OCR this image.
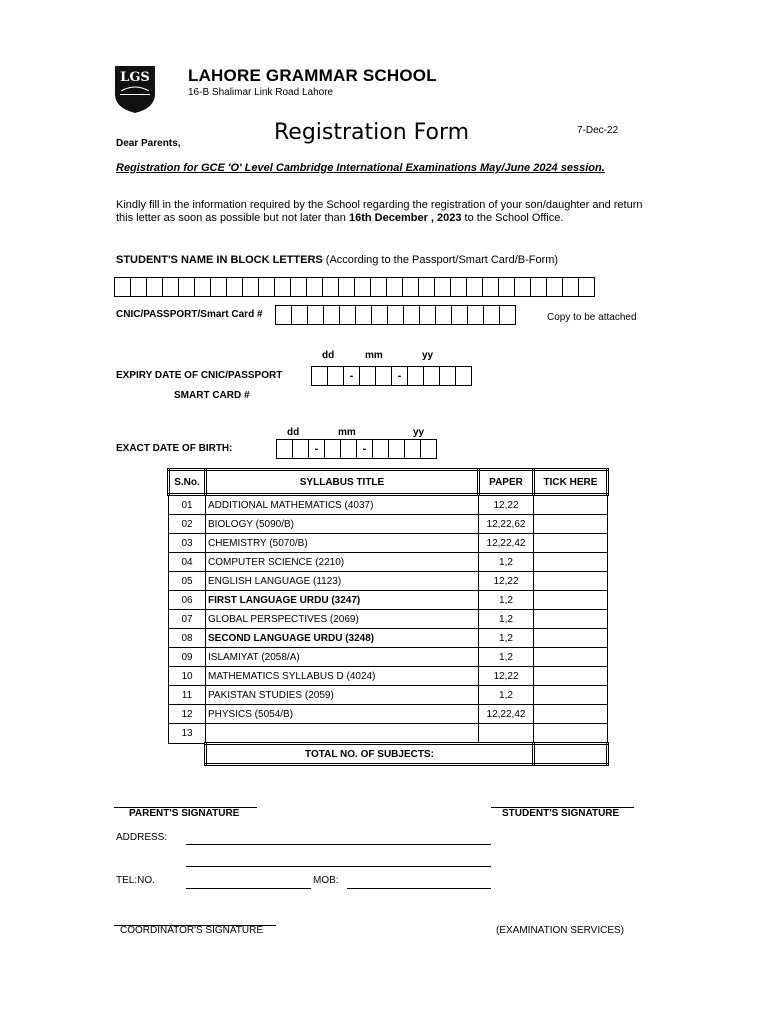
LGS LAHORE GRAMMAR SCHOOL
16-B Shalimar Link Road Lahore
Dear Parents,	Registration Form	7-Dec-22
Registration for GCE 'O' Level Cambridge International Examinations May/June 2024 session.
Kindly fill in the information required by the School regarding the registration of your son/daughter and return this letter as soon as possible but not later than 16th December , 2023 to the School Office.
STUDENT'S NAME IN BLOCK LETTERS (According to the Passport/Smart Card/B-Form)
CNIC/PASSPORT/Smart Card #	Copy to be attached
dd	mm	yy
EXPIRY DATE OF CNIC/PASSPORT
SMART CARD #
-	-
dd	mm	yy
EXACT DATE OF BIRTH:	-	-
S.No.	SYLLABUS TITLE	PAPER	TICK HERE
01	ADDITIONAL MATHEMATICS (4037)	12,22	
02	BIOLOGY (5090/B)	12,22,62	
03	CHEMISTRY (5070/B)	12,22,42	
04	COMPUTER SCIENCE (2210)	1,2	
05	ENGLISH LANGUAGE (1123)	12,22	
06	FIRST LANGUAGE URDU (3247)	1,2	
07	GLOBAL PERSPECTIVES (2069)	1,2	
08	SECOND LANGUAGE URDU (3248)	1,2	
09	ISLAMIYAT (2058/A)	1,2	
10	MATHEMATICS SYLLABUS D (4024)	12,22	
11	PAKISTAN STUDIES (2059)	1,2	
12	PHYSICS (5054/B)	12,22,42	
13			
	TOTAL NO. OF SUBJECTS:		
PARENT'S SIGNATURE	STUDENT'S SIGNATURE
ADDRESS:
TEL:NO.	MOB:
COORDINATOR'S SIGNATURE	(EXAMINATION SERVICES)
